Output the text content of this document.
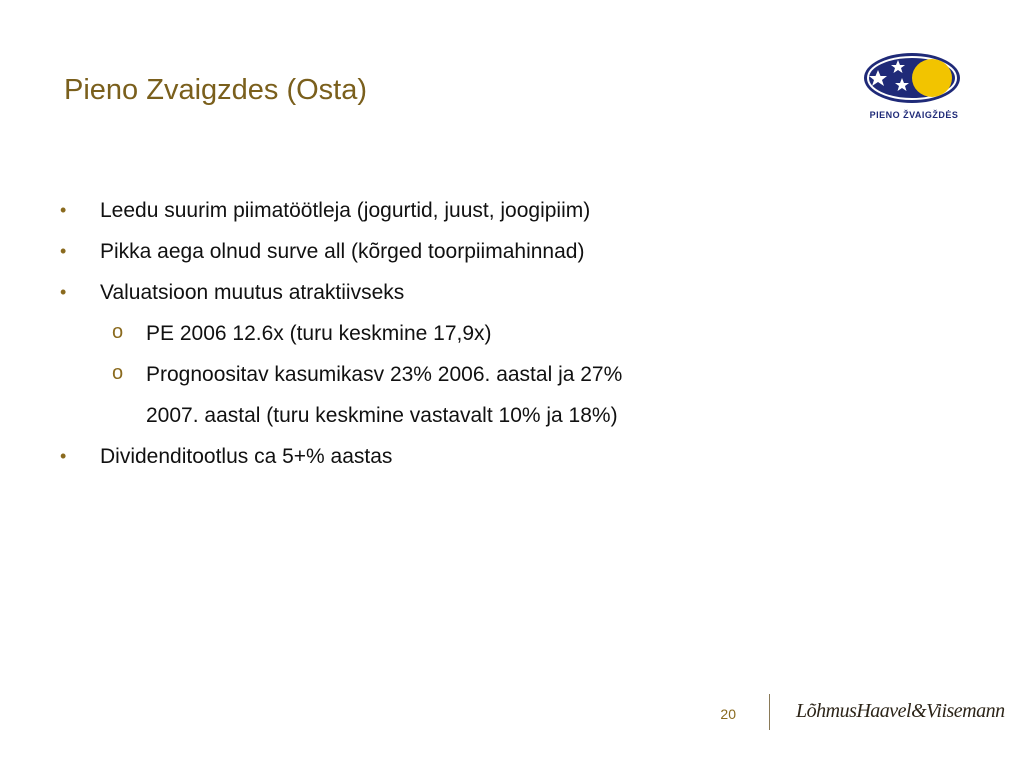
Pieno Zvaigzdes (Osta)
PIENO ŽVAIGŽDĖS
• Leedu suurim piimatöötleja (jogurtid, juust, joogipiim)
• Pikka aega olnud surve all (kõrged toorpiimahinnad)
• Valuatsioon muutus atraktiivseks
o PE 2006 12.6x (turu keskmine 17,9x)
o Prognoositav kasumikasv 23% 2006. aastal ja 27%
2007. aastal (turu keskmine vastavalt 10% ja 18%)
• Dividenditootlus ca 5+% aastas
20	LõhmusHaavel&Viisemann
